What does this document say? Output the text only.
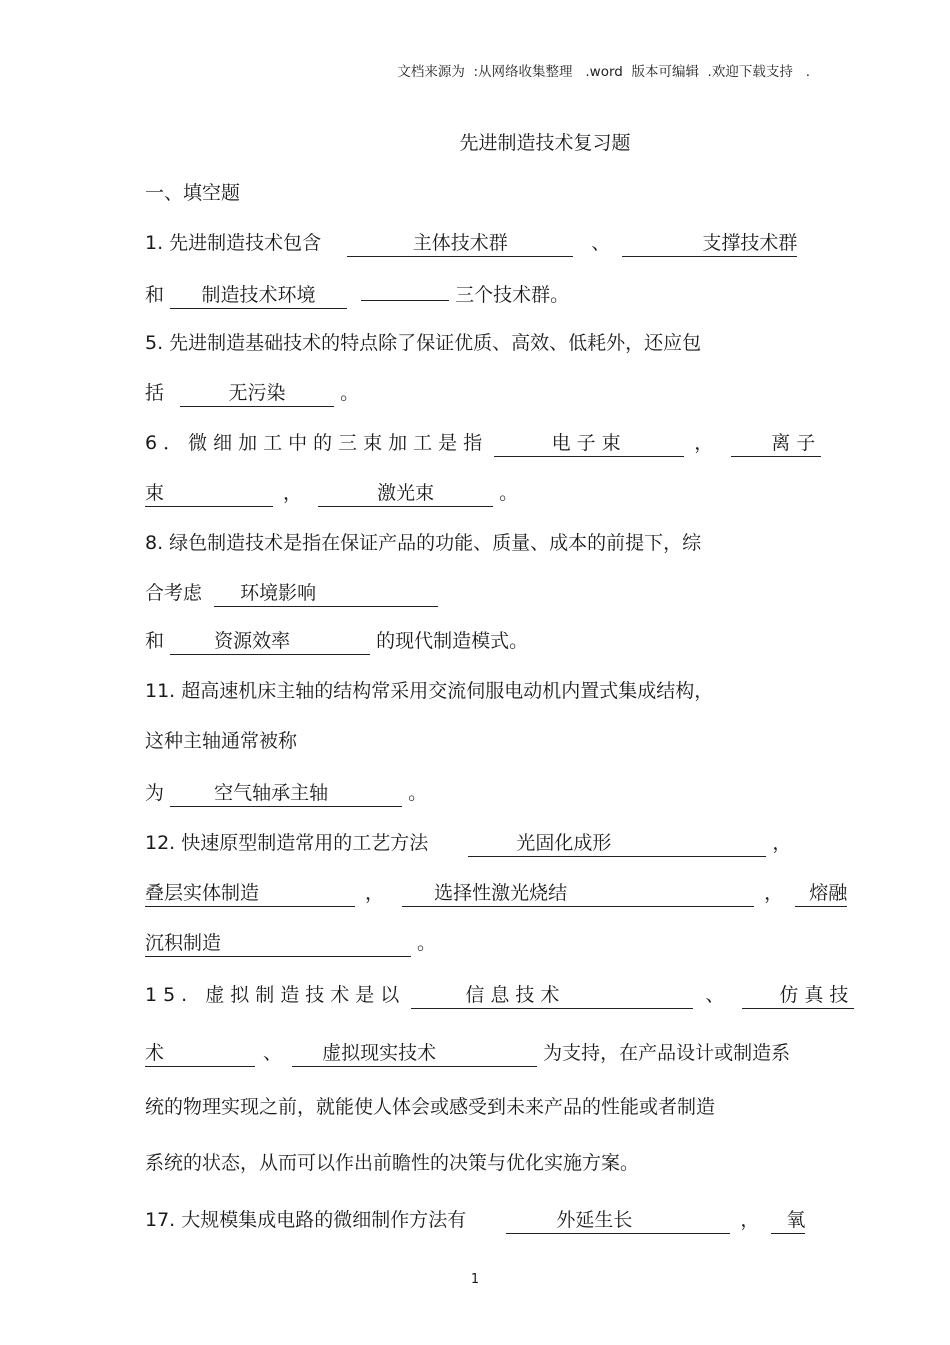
文档来源为  :从网络收集整理   .word  版本可编辑  .欢迎下载支持   .
先进制造技术复习题
一、填空题
1. 先进制造技术包含	主体技术群	、	支撑技术群
和 制造技术环境	三个技术群。
5. 先进制造基础技术的特点除了保证优质、高效、低耗外，还应包
括	无污染	。
6．微细加工中的三束加工是指	电子束	，	离子
束	，	激光束	。
8. 绿色制造技术是指在保证产品的功能、质量、成本的前提下，综
合考虑 环境影响
和	资源效率	的现代制造模式。
11. 超高速机床主轴的结构常采用交流伺服电动机内置式集成结构，
这种主轴通常被称
为	空气轴承主轴	。
12. 快速原型制造常用的工艺方法	光固化成形	，
叠层实体制造	，	选择性激光烧结	， 熔融
沉积制造	。
15. 虚拟制造技术是以	信息技术	、	仿真技
术	、 虚拟现实技术	为支持，在产品设计或制造系
统的物理实现之前，就能使人体会或感受到未来产品的性能或者制造
系统的状态，从而可以作出前瞻性的决策与优化实施方案。
17. 大规模集成电路的微细制作方法有	外延生长	， 氧
1
